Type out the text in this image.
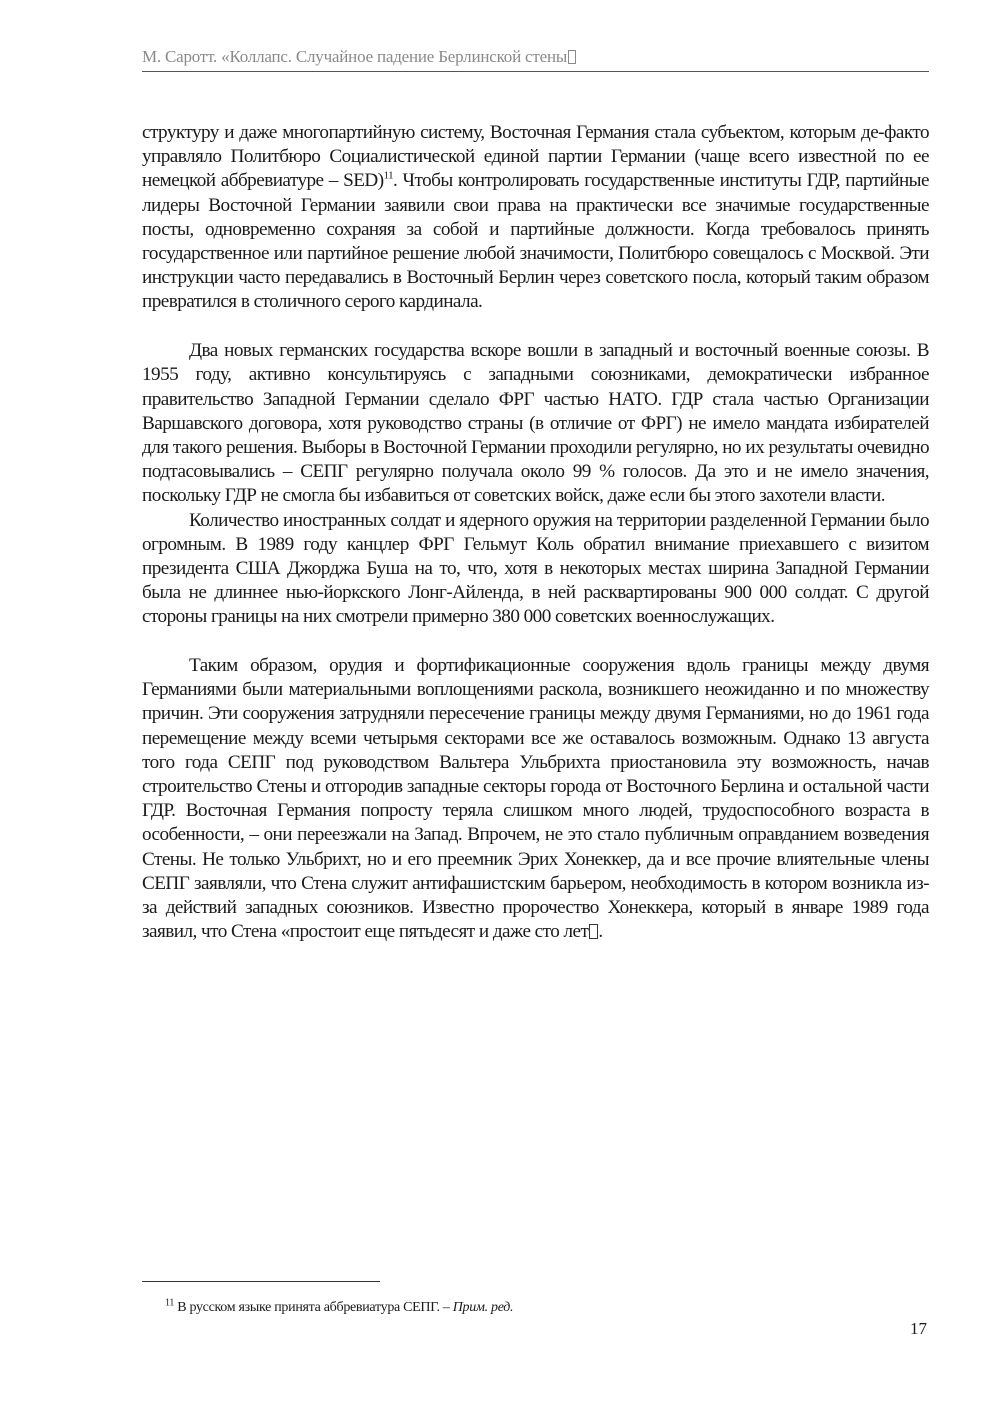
М. Саротт. «Коллапс. Случайное падение Берлинской стены

структуру и даже многопартийную систему, Восточная Германия стала субъектом, которым де-факто управляло Политбюро Социалистической единой партии Германии (чаще всего известной по ее немецкой аббревиатуре – SED)$^{11}$. Чтобы контролировать государственные институты ГДР, партийные лидеры Восточной Германии заявили свои права на практически все значимые государственные посты, одновременно сохраняя за собой и партийные должности. Когда требовалось принять государственное или партийное решение любой значимости, Политбюро совещалось с Москвой. Эти инструкции часто передавались в Восточный Берлин через советского посла, который таким образом превратился в столичного серого кардинала.

Два новых германских государства вскоре вошли в западный и восточный военные союзы. В 1955 году, активно консультируясь с западными союзниками, демократически избранное правительство Западной Германии сделало ФРГ частью НАТО. ГДР стала частью Организации Варшавского договора, хотя руководство страны (в отличие от ФРГ) не имело мандата избирателей для такого решения. Выборы в Восточной Германии проходили регулярно, но их результаты очевидно подтасовывались – СЕПГ регулярно получала около 99 % голосов. Да это и не имело значения, поскольку ГДР не смогла бы избавиться от советских войск, даже если бы этого захотели власти.

Количество иностранных солдат и ядерного оружия на территории разделенной Германии было огромным. В 1989 году канцлер ФРГ Гельмут Коль обратил внимание приехавшего с визитом президента США Джорджа Буша на то, что, хотя в некоторых местах ширина Западной Германии была не длиннее нью-йоркского Лонг-Айленда, в ней расквартированы 900 000 солдат. С другой стороны границы на них смотрели примерно 380 000 советских военнослужащих.

Таким образом, орудия и фортификационные сооружения вдоль границы между двумя Германиями были материальными воплощениями раскола, возникшего неожиданно и по множеству причин. Эти сооружения затрудняли пересечение границы между двумя Германиями, но до 1961 года перемещение между всеми четырьмя секторами все же оставалось возможным. Однако 13 августа того года СЕПГ под руководством Вальтера Ульбрихта приостановила эту возможность, начав строительство Стены и отгородив западные секторы города от Восточного Берлина и остальной части ГДР. Восточная Германия попросту теряла слишком много людей, трудоспособного возраста в особенности, – они переезжали на Запад. Впрочем, не это стало публичным оправданием возведения Стены. Не только Ульбрихт, но и его преемник Эрих Хонеккер, да и все прочие влиятельные члены СЕПГ заявляли, что Стена служит антифашистским барьером, необходимость в котором возникла из-за действий западных союзников. Известно пророчество Хонеккера, который в январе 1989 года заявил, что Стена «простоит еще пятьдесят и даже сто лет .

$^{11}$ В русском языке принята аббревиатура СЕПГ. – Прим. ред.
17
